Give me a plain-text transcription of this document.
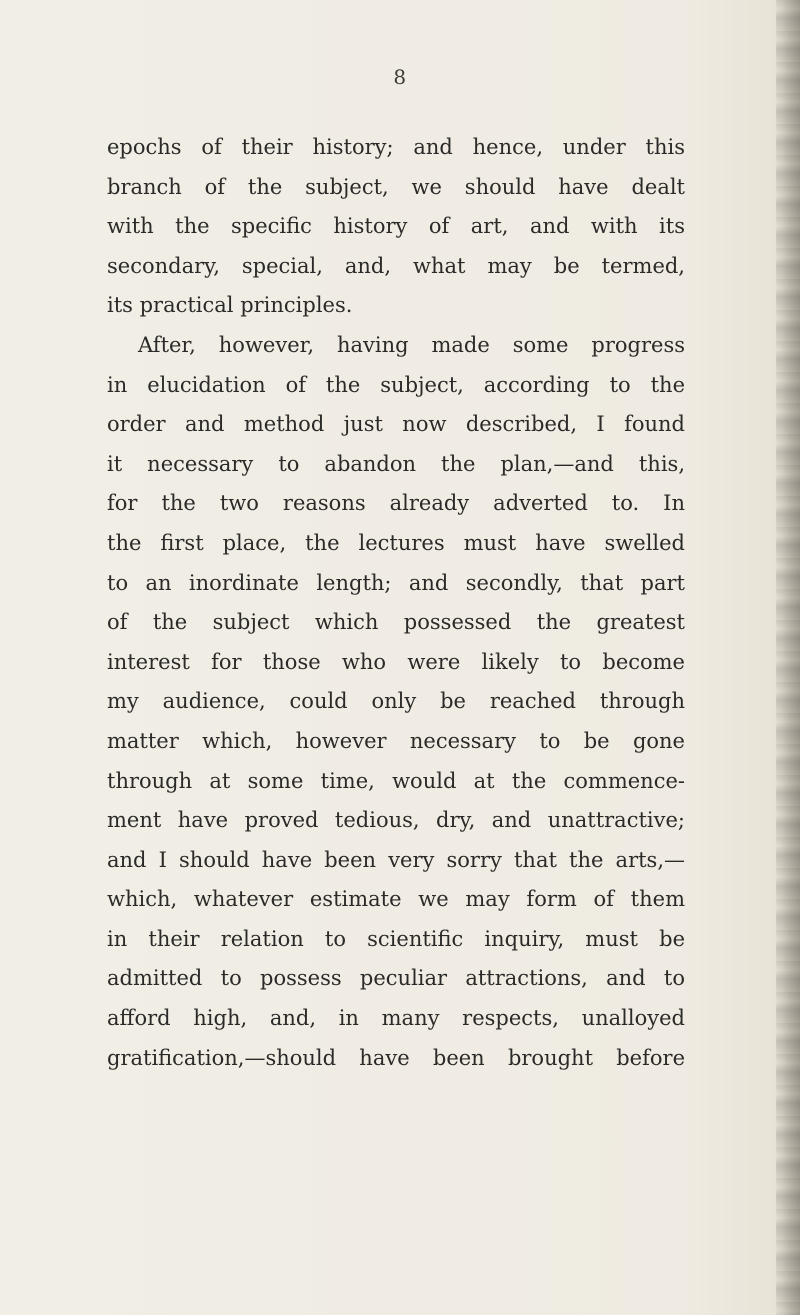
8
epochs of their history; and hence, under this
branch of the subject, we should have dealt
with the specific history of art, and with its
secondary, special, and, what may be termed,
its practical principles.
After, however, having made some progress
in elucidation of the subject, according to the
order and method just now described, I found
it necessary to abandon the plan,—and this,
for the two reasons already adverted to. In
the first place, the lectures must have swelled
to an inordinate length; and secondly, that part
of the subject which possessed the greatest
interest for those who were likely to become
my audience, could only be reached through
matter which, however necessary to be gone
through at some time, would at the commence-
ment have proved tedious, dry, and unattractive;
and I should have been very sorry that the arts,—
which, whatever estimate we may form of them
in their relation to scientific inquiry, must be
admitted to possess peculiar attractions, and to
afford high, and, in many respects, unalloyed
gratification,—should have been brought before
